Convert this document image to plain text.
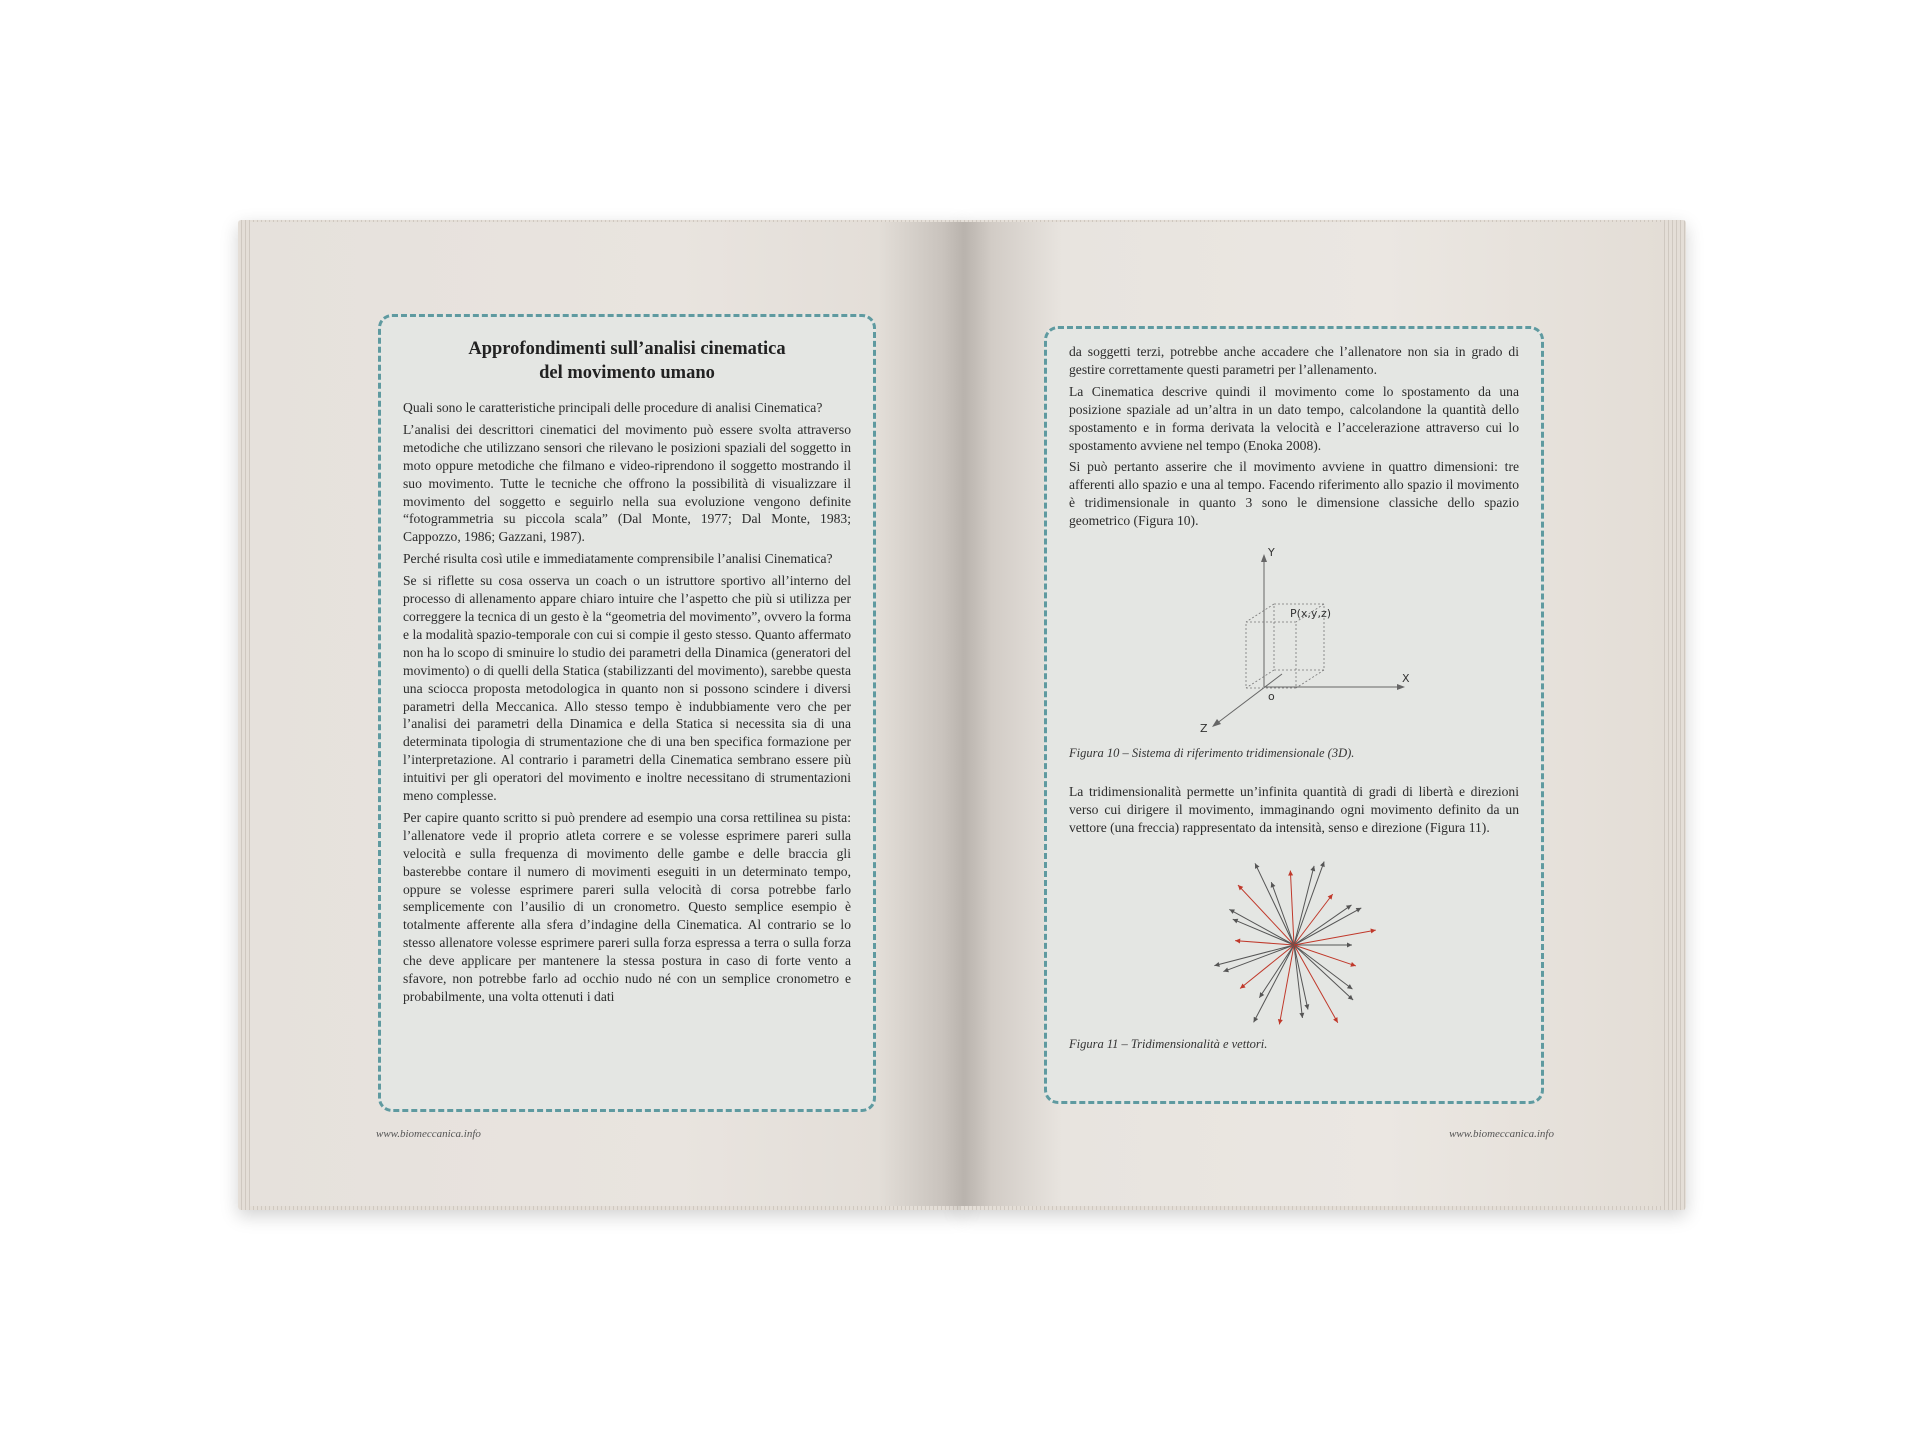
Approfondimenti sull’analisi cinematica
del movimento umano

Quali sono le caratteristiche principali delle procedure di analisi Cinematica?

L’analisi dei descrittori cinematici del movimento può essere svolta attraverso metodiche che utilizzano sensori che rilevano le posizioni spaziali del soggetto in moto oppure metodiche che filmano e video-riprendono il soggetto mostrando il suo movimento. Tutte le tecniche che offrono la possibilità di visualizzare il movimento del soggetto e seguirlo nella sua evoluzione vengono definite “fotogrammetria su piccola scala” (Dal Monte, 1977; Dal Monte, 1983; Cappozzo, 1986; Gazzani, 1987).

Perché risulta così utile e immediatamente comprensibile l’analisi Cinematica?

Se si riflette su cosa osserva un coach o un istruttore sportivo all’interno del processo di allenamento appare chiaro intuire che l’aspetto che più si utilizza per correggere la tecnica di un gesto è la “geometria del movimento”, ovvero la forma e la modalità spazio-temporale con cui si compie il gesto stesso. Quanto affermato non ha lo scopo di sminuire lo studio dei parametri della Dinamica (generatori del movimento) o di quelli della Statica (stabilizzanti del movimento), sarebbe questa una sciocca proposta metodologica in quanto non si possono scindere i diversi parametri della Meccanica. Allo stesso tempo è indubbiamente vero che per l’analisi dei parametri della Dinamica e della Statica si necessita sia di una determinata tipologia di strumentazione che di una ben specifica formazione per l’interpretazione. Al contrario i parametri della Cinematica sembrano essere più intuitivi per gli operatori del movimento e inoltre necessitano di strumentazioni meno complesse.

Per capire quanto scritto si può prendere ad esempio una corsa rettilinea su pista: l’allenatore vede il proprio atleta correre e se volesse esprimere pareri sulla velocità e sulla frequenza di movimento delle gambe e delle braccia gli basterebbe contare il numero di movimenti eseguiti in un determinato tempo, oppure se volesse esprimere pareri sulla velocità di corsa potrebbe farlo semplicemente con l’ausilio di un cronometro. Questo semplice esempio è totalmente afferente alla sfera d’indagine della Cinematica. Al contrario se lo stesso allenatore volesse esprimere pareri sulla forza espressa a terra o sulla forza che deve applicare per mantenere la stessa postura in caso di forte vento a sfavore, non potrebbe farlo ad occhio nudo né con un semplice cronometro e probabilmente, una volta ottenuti i dati

www.biomeccanica.info

da soggetti terzi, potrebbe anche accadere che l’allenatore non sia in grado di gestire correttamente questi parametri per l’allenamento.

La Cinematica descrive quindi il movimento come lo spostamento da una posizione spaziale ad un’altra in un dato tempo, calcolandone la quantità dello spostamento e in forma derivata la velocità e l’accelerazione attraverso cui lo spostamento avviene nel tempo (Enoka 2008).

Si può pertanto asserire che il movimento avviene in quattro dimensioni: tre afferenti allo spazio e una al tempo. Facendo riferimento allo spazio il movimento è tridimensionale in quanto 3 sono le dimensione classiche dello spazio geometrico (Figura 10).

Y
X
Z
o
P(x,y,z)
Figura 10 – Sistema di riferimento tridimensionale (3D).

La tridimensionalità permette un’infinita quantità di gradi di libertà e direzioni verso cui dirigere il movimento, immaginando ogni movimento definito da un vettore (una freccia) rappresentato da intensità, senso e direzione (Figura 11).

Figura 11 – Tridimensionalità e vettori.
www.biomeccanica.info
